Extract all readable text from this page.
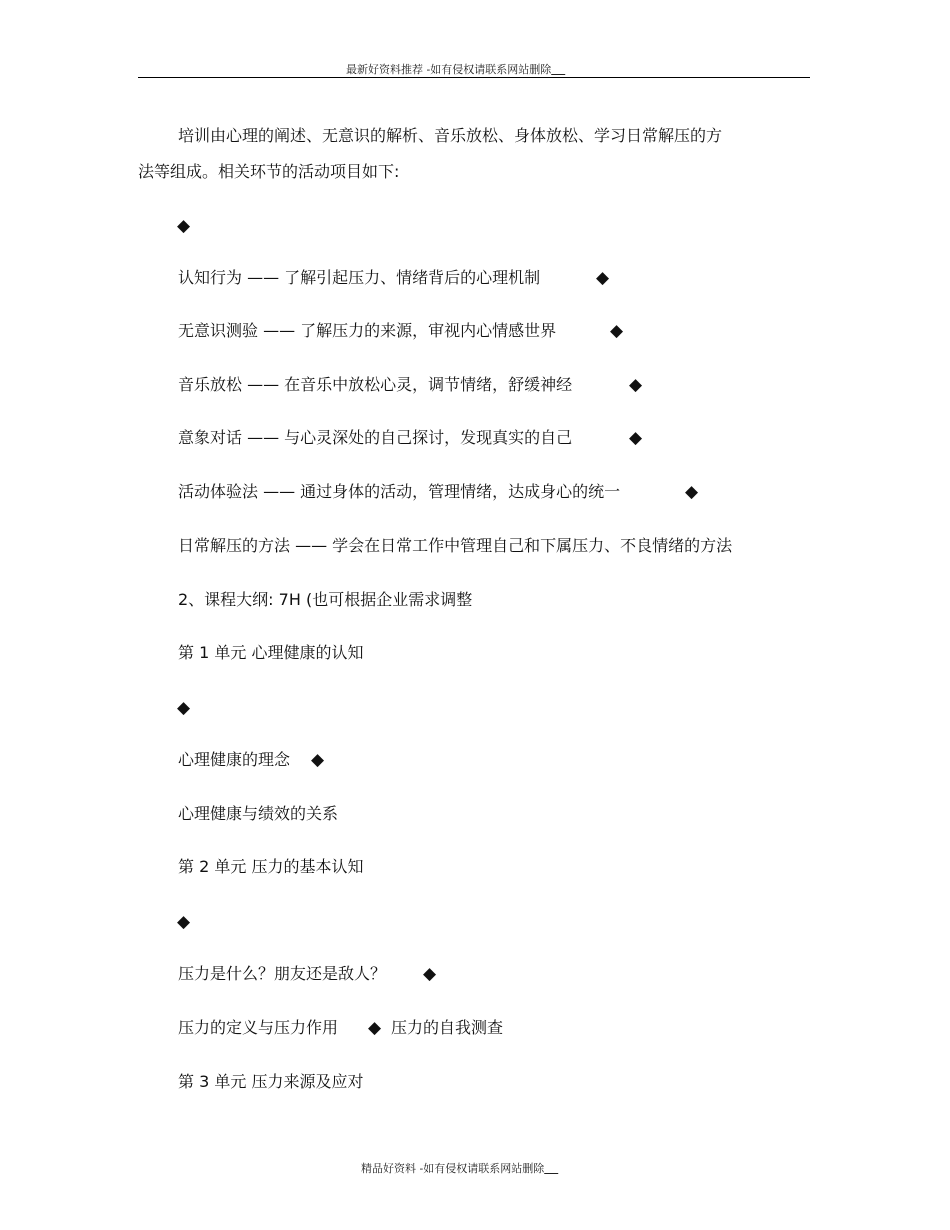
最新好资料推荐 -如有侵权请联系网站删除
培训由心理的阐述、无意识的解析、音乐放松、身体放松、学习日常解压的方
法等组成。相关环节的活动项目如下:
◆
认知行为 —— 了解引起压力、情绪背后的心理机制	◆
无意识测验 —— 了解压力的来源，审视内心情感世界	◆
音乐放松 —— 在音乐中放松心灵，调节情绪，舒缓神经	◆
意象对话 —— 与心灵深处的自己探讨，发现真实的自己	◆
活动体验法 —— 通过身体的活动，管理情绪，达成身心的统一	◆
日常解压的方法 —— 学会在日常工作中管理自己和下属压力、不良情绪的方法
2、课程大纲: 7H (也可根据企业需求调整
第 1 单元 心理健康的认知
◆
心理健康的理念 ◆
心理健康与绩效的关系
第 2 单元 压力的基本认知
◆
压力是什么？朋友还是敌人？ ◆
压力的定义与压力作用 ◆ 压力的自我测查
第 3 单元 压力来源及应对
精品好资料 -如有侵权请联系网站删除
